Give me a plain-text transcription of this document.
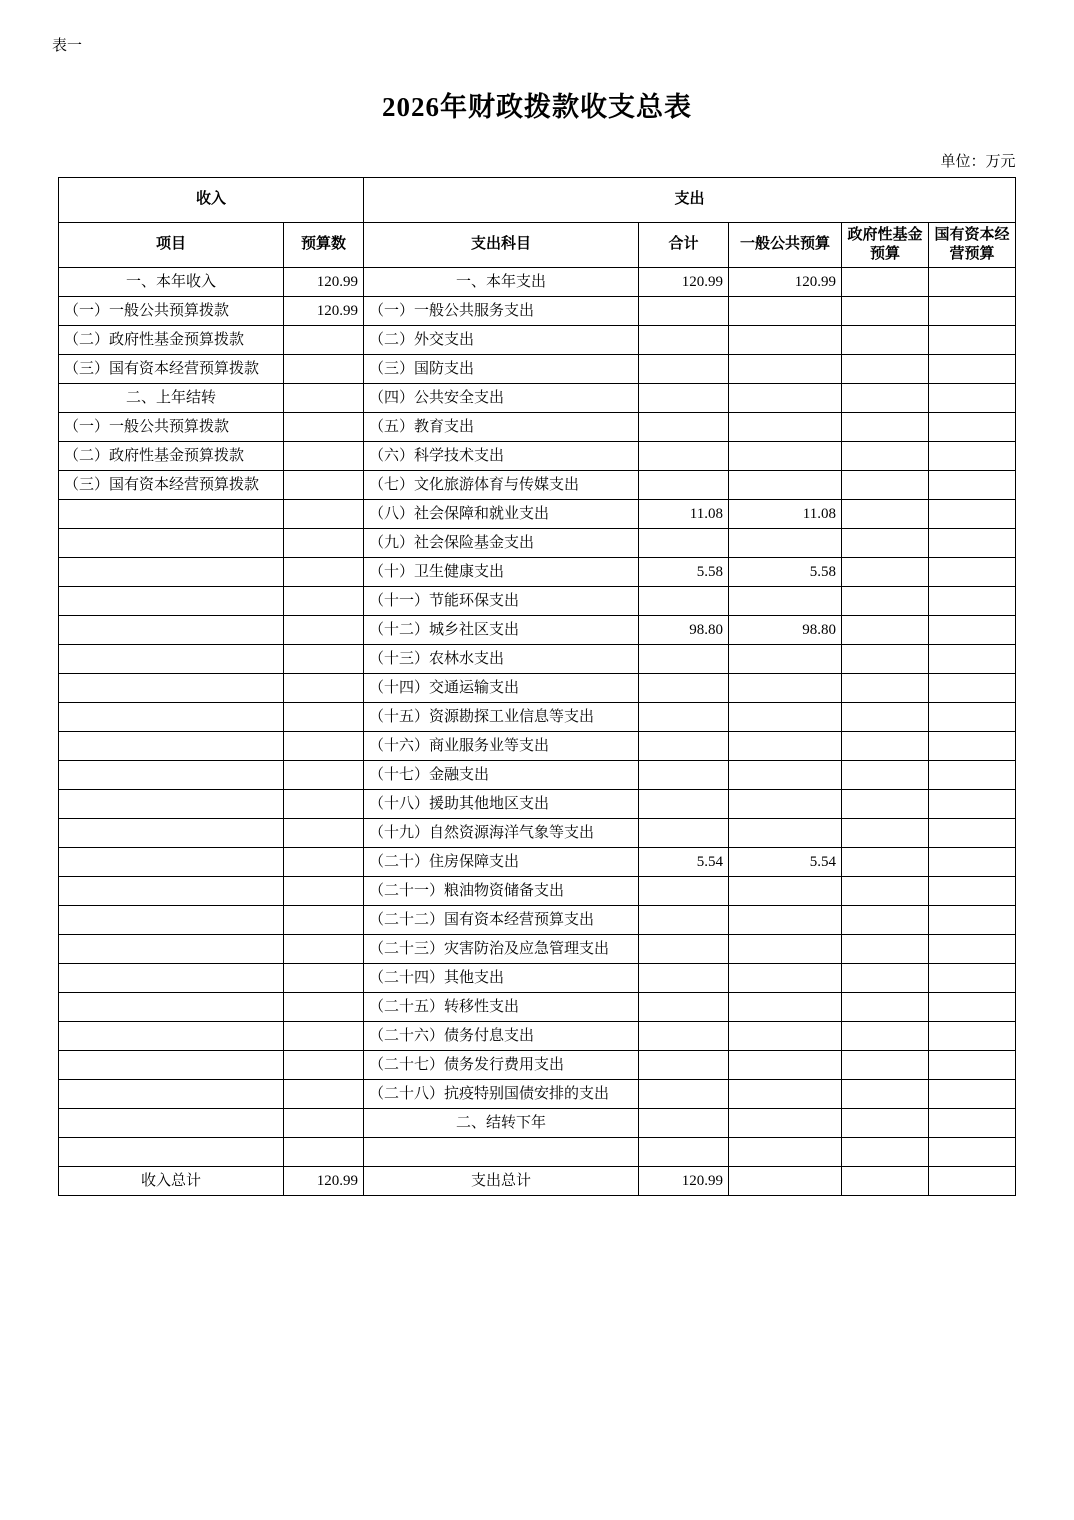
表一
2026年财政拨款收支总表
单位：万元
收入		支出				
项目	预算数	支出科目	合计	一般公共预算	政府性基金预算	国有资本经营预算
一、本年收入	120.99	一、本年支出	120.99	120.99		
（一）一般公共预算拨款	120.99	（一）一般公共服务支出				
（二）政府性基金预算拨款		（二）外交支出				
（三）国有资本经营预算拨款		（三）国防支出				
二、上年结转		（四）公共安全支出				
（一）一般公共预算拨款		（五）教育支出				
（二）政府性基金预算拨款		（六）科学技术支出				
（三）国有资本经营预算拨款		（七）文化旅游体育与传媒支出				
		（八）社会保障和就业支出	11.08	11.08		
		（九）社会保险基金支出				
		（十）卫生健康支出	5.58	5.58		
		（十一）节能环保支出				
		（十二）城乡社区支出	98.80	98.80		
		（十三）农林水支出				
		（十四）交通运输支出				
		（十五）资源勘探工业信息等支出				
		（十六）商业服务业等支出				
		（十七）金融支出				
		（十八）援助其他地区支出				
		（十九）自然资源海洋气象等支出				
		（二十）住房保障支出	5.54	5.54		
		（二十一）粮油物资储备支出				
		（二十二）国有资本经营预算支出				
		（二十三）灾害防治及应急管理支出				
		（二十四）其他支出				
		（二十五）转移性支出				
		（二十六）债务付息支出				
		（二十七）债务发行费用支出				
		（二十八）抗疫特别国债安排的支出				
		二、结转下年				

收入总计	120.99	支出总计	120.99			
